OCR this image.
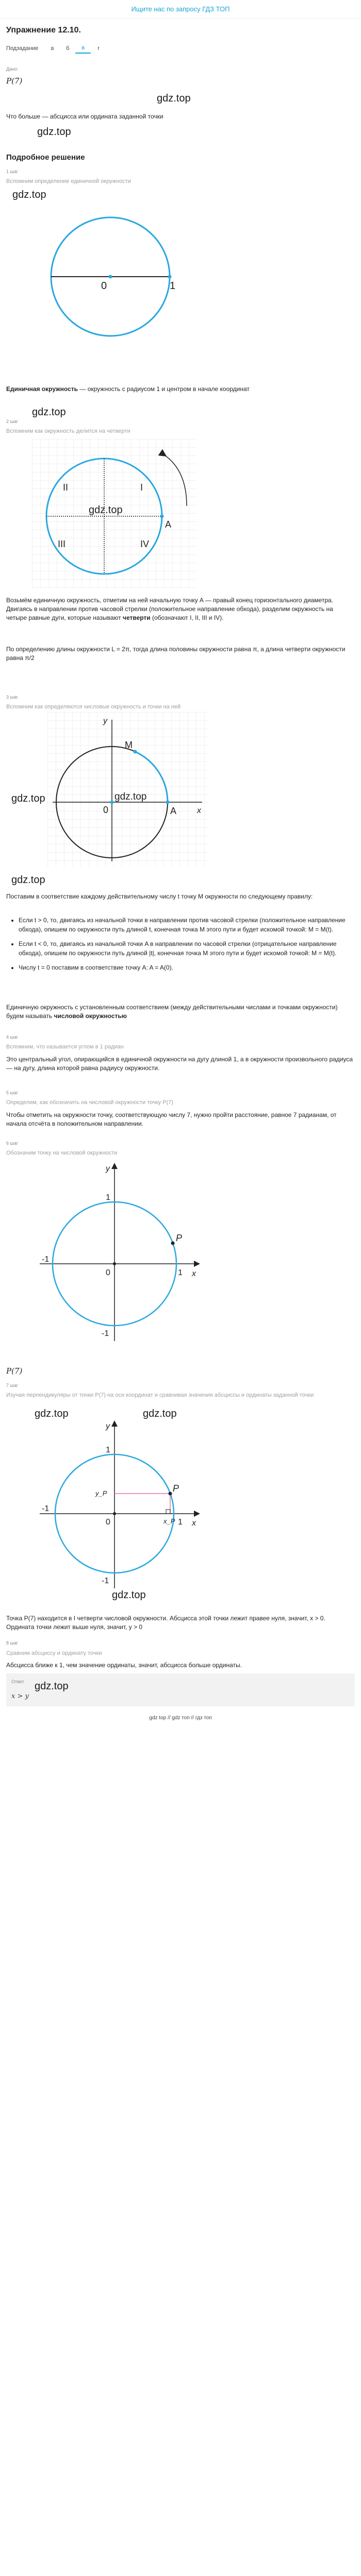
Ищите нас по запросу ГДЗ ТОП
Упражнение 12.10.
Подзадание	а	б	в	г
Дано:
P(7)
gdz.top

Что больше — абсцисса или ордината заданной точки

gdz.top
Подробное решение
1 шаг
Вспомним определение единичной окружности
gdz.top
0	1

Единичная окружность — окружность с радиусом 1 и центром в начале координат

gdz.top
2 шаг
Вспомним как окружность делится на четверти
I
II
III	IV
A
gdz.top

Возьмём единичную окружность, отметим на ней начальную точку A — правый конец горизонтального диаметра. Двигаясь в направлении против часовой стрелки (положительное направление обхода), разделим окружность на четыре равные дуги, которые называют четверти (обозначают I, II, III и IV).

По определению длины окружности L = 2π, тогда длина половины окружности равна π, а длина четверти окружности равна π/2

3 шаг
Вспомним как определяются числовые окружность и точки на ней
y
x
0	A
M
gdz.top
gdz.top
gdz.top

Поставим в соответствие каждому действительному числу t точку M окружности по следующему правилу:

• Если t > 0, то, двигаясь из начальной точки в направлении против часовой стрелки (положительное направление обхода), опишем по окружности путь длиной t, конечная точка M этого пути и будет искомой точкой: M = M(t).
• Если t < 0, то, двигаясь из начальной точки A в направлении по часовой стрелки (отрицательное направление обхода), опишем по окружности путь длиной |t|, конечная точка M этого пути и будет искомой точкой: M = M(t).
• Числу t = 0 поставим в соответствие точку A: A = A(0).

Единичную окружность с установленным соответствием (между действительными числами и точками окружности) будем называть числовой окружностью

4 шаг
Вспомним, что называется углом в 1 радиан

Это центральный угол, опирающийся в единичной окружности на дугу длиной 1, а в окружности произвольного радиуса — на дугу, длина которой равна радиусу окружности.

5 шаг
Определим, как обозначить на числовой окружности точку P(7)

Чтобы отметить на окружности точку, соответствующую числу 7, нужно пройти расстояние, равное 7 радианам, от начала отсчёта в положительном направлении.

6 шаг
Обозначим точку на числовой окружности
y
x
0
1
1
-1
-1
P
P(7)
7 шаг
Изучая перпендикуляры от точки P(7) на оси координат и сравнивая значения абсциссы и ординаты заданной точки
gdz.top	gdz.top
y
x
0
1
1
-1
-1
P
y_P
x_P
gdz.top

Точка P(7) находится в I четверти числовой окружности. Абсцисса этой точки лежит правее нуля, значит, x > 0. Ордината точки лежит выше нуля, значит, y > 0

8 шаг
Сравним абсциссу и ординату точки

Абсцисса ближе к 1, чем значение ординаты, значит, абсцисса больше ординаты.

Ответ	gdz.top
x > y
gdz top // gdz топ // гдз топ
